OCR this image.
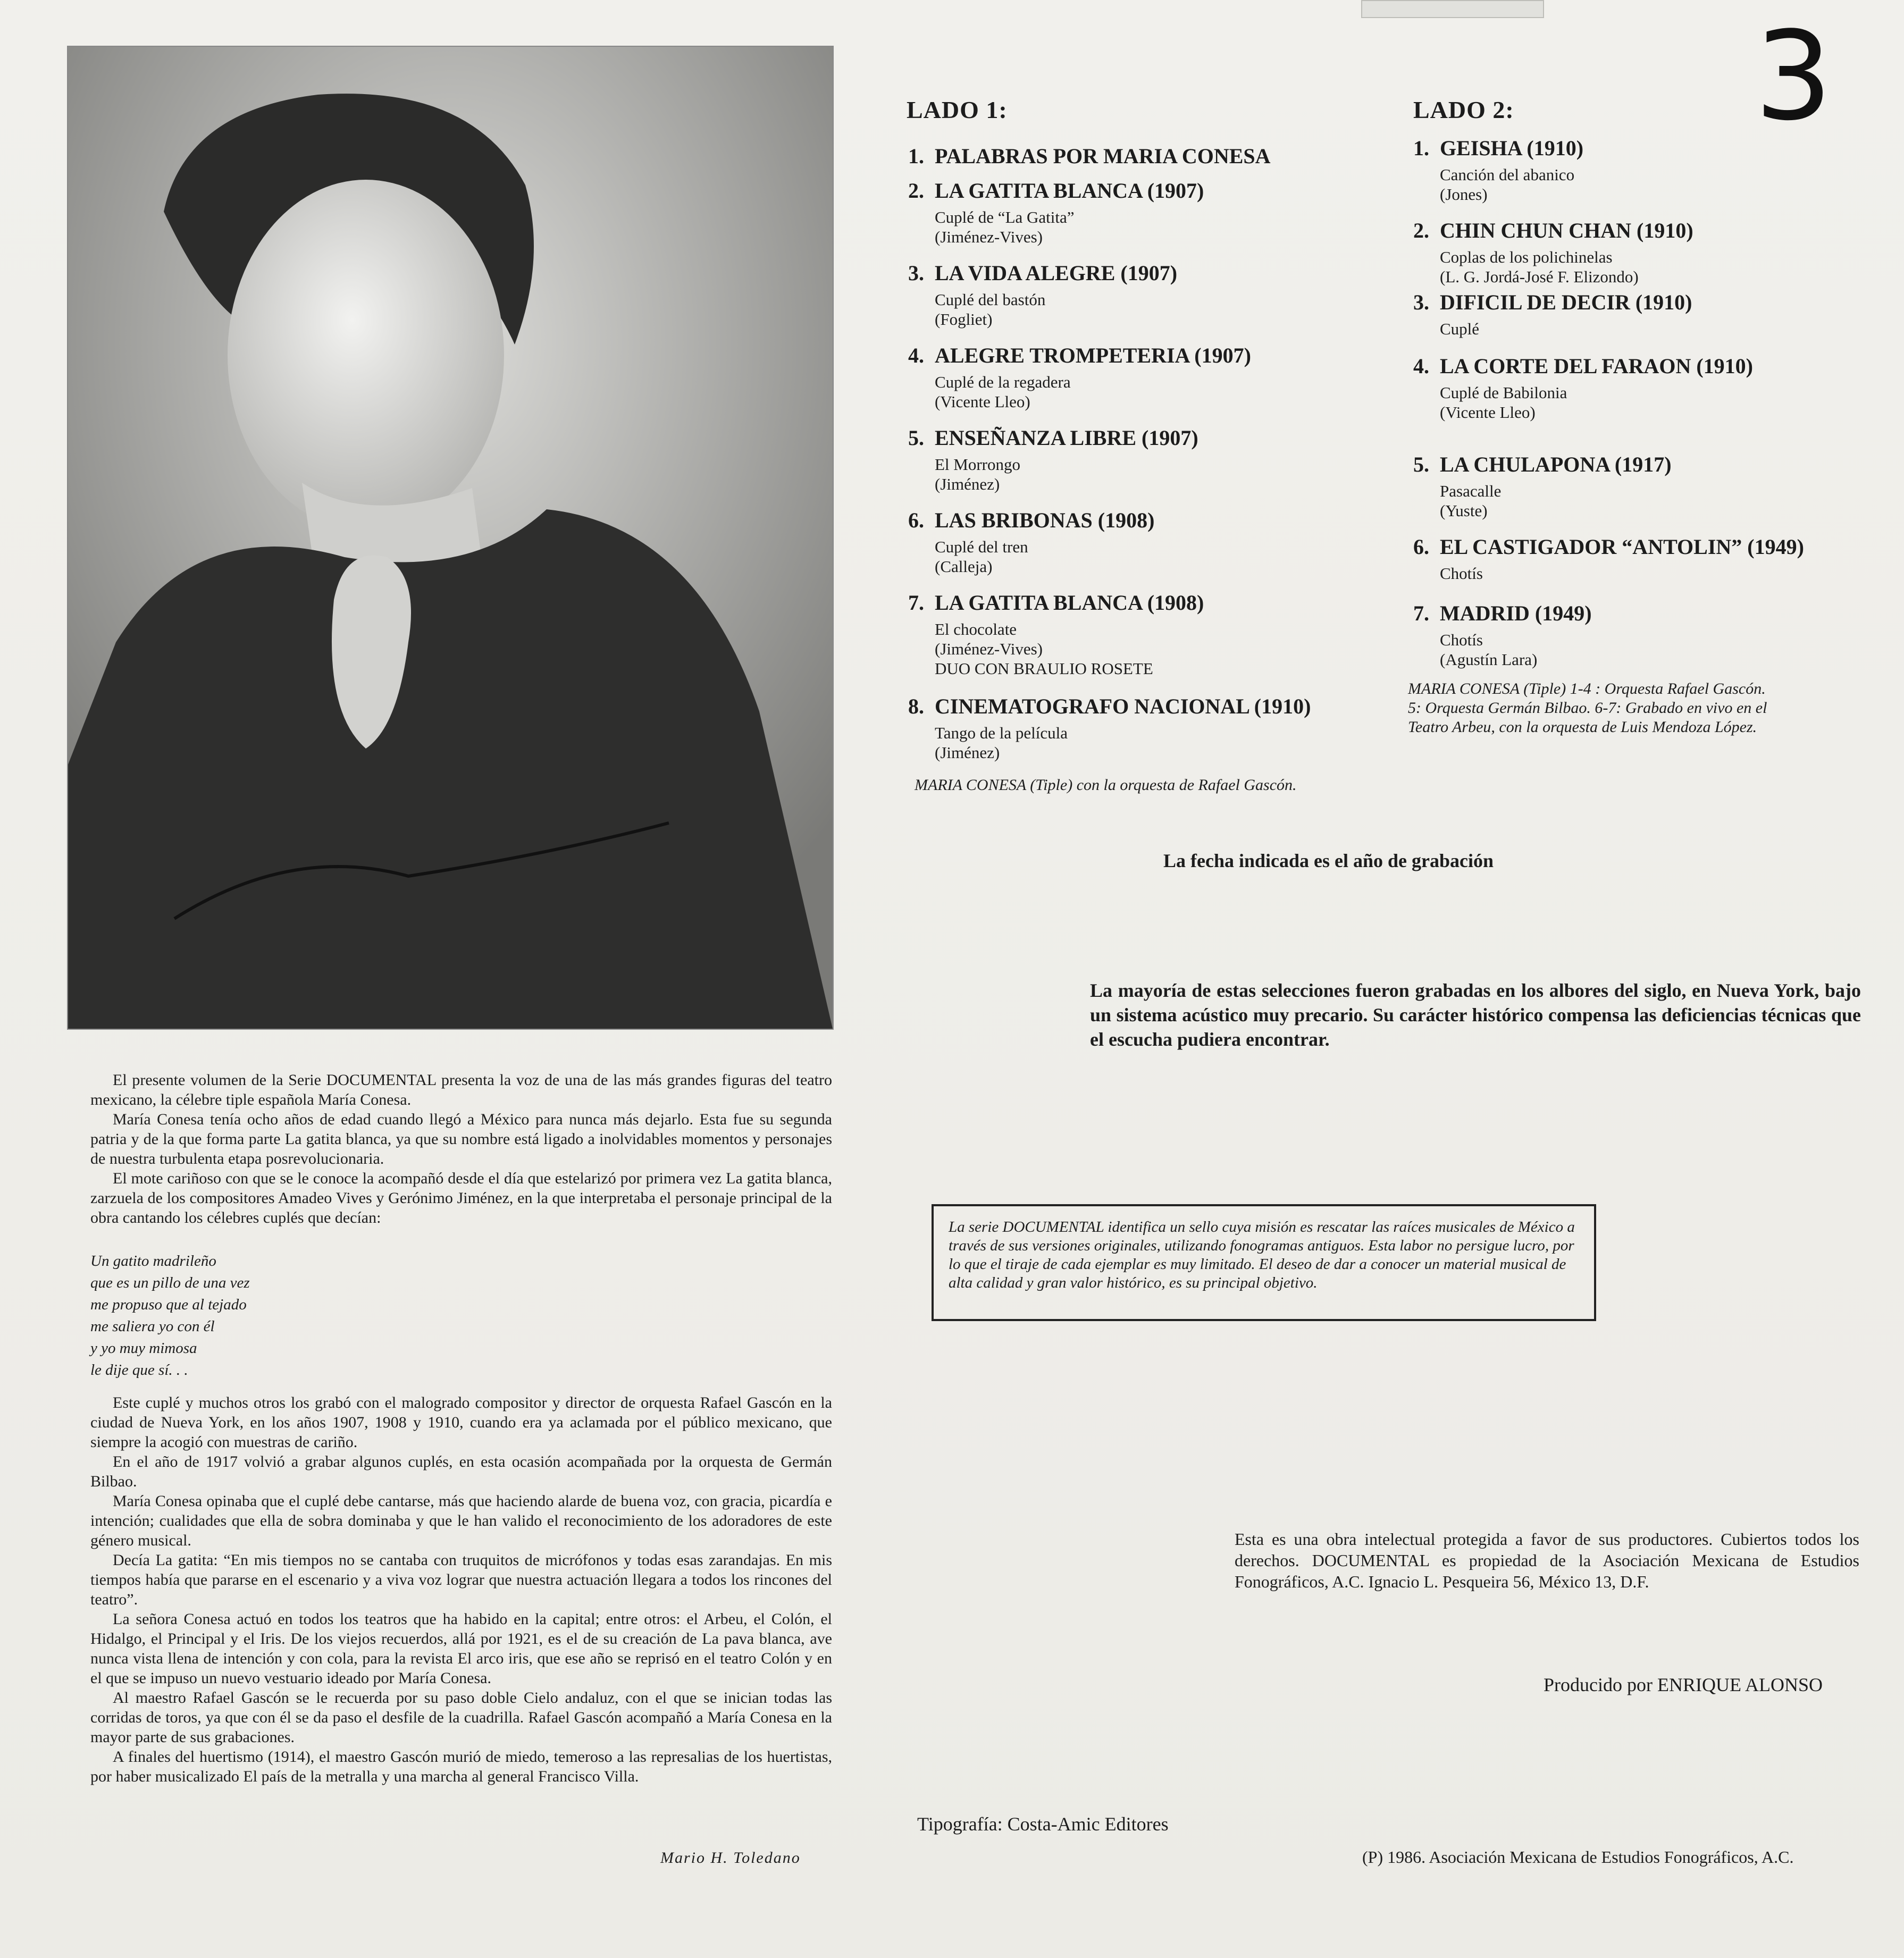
3
LADO 1:
1. PALABRAS POR MARIA CONESA
2. LA GATITA BLANCA (1907)
Cuplé de “La Gatita”
(Jiménez-Vives)
3. LA VIDA ALEGRE (1907)
Cuplé del bastón
(Fogliet)
4. ALEGRE TROMPETERIA (1907)
Cuplé de la regadera
(Vicente Lleo)
5. ENSEÑANZA LIBRE (1907)
El Morrongo
(Jiménez)
6. LAS BRIBONAS (1908)
Cuplé del tren
(Calleja)
7. LA GATITA BLANCA (1908)
El chocolate
(Jiménez-Vives)
DUO CON BRAULIO ROSETE
8. CINEMATOGRAFO NACIONAL (1910)
Tango de la película
(Jiménez)
MARIA CONESA (Tiple) con la orquesta de Rafael Gascón.
LADO 2:
1. GEISHA (1910)
Canción del abanico
(Jones)
2. CHIN CHUN CHAN (1910)
Coplas de los polichinelas
(L. G. Jordá-José F. Elizondo)
3. DIFICIL DE DECIR (1910)
Cuplé
4. LA CORTE DEL FARAON (1910)
Cuplé de Babilonia
(Vicente Lleo)
5. LA CHULAPONA (1917)
Pasacalle
(Yuste)
6. EL CASTIGADOR “ANTOLIN” (1949)
Chotís
7. MADRID (1949)
Chotís
(Agustín Lara)
MARIA CONESA (Tiple) 1-4 : Orquesta Rafael Gascón.
5: Orquesta Germán Bilbao. 6-7: Grabado en vivo en el
Teatro Arbeu, con la orquesta de Luis Mendoza López.
La fecha indicada es el año de grabación
La mayoría de estas selecciones fueron grabadas en los albores del siglo, en Nueva York, bajo un sistema acústico muy precario. Su carácter histórico compensa las deficiencias técnicas que el escucha pudiera encontrar.
La serie DOCUMENTAL identifica un sello cuya misión es rescatar las raíces musicales de México a través de sus versiones originales, utilizando fonogramas antiguos. Esta labor no persigue lucro, por lo que el tiraje de cada ejemplar es muy limitado. El deseo de dar a conocer un material musical de alta calidad y gran valor histórico, es su principal objetivo.
Esta es una obra intelectual protegida a favor de sus productores. Cubiertos todos los derechos. DOCUMENTAL es propiedad de la Asociación Mexicana de Estudios Fonográficos, A.C. Ignacio L. Pesqueira 56, México 13, D.F.
Producido por ENRIQUE ALONSO
Tipografía: Costa-Amic Editores
(P) 1986. Asociación Mexicana de Estudios Fonográficos, A.C.

El presente volumen de la Serie DOCUMENTAL presenta la voz de una de las más grandes figuras del teatro mexicano, la célebre tiple española María Conesa.

María Conesa tenía ocho años de edad cuando llegó a México para nunca más dejarlo. Esta fue su segunda patria y de la que forma parte La gatita blanca, ya que su nombre está ligado a inolvidables momentos y personajes de nuestra turbulenta etapa posrevolucionaria.

El mote cariñoso con que se le conoce la acompañó desde el día que estelarizó por primera vez La gatita blanca, zarzuela de los compositores Amadeo Vives y Gerónimo Jiménez, en la que interpretaba el personaje principal de la obra cantando los célebres cuplés que decían:

Un gatito madrileño
que es un pillo de una vez
me propuso que al tejado
me saliera yo con él
y yo muy mimosa
le dije que sí. . .

Este cuplé y muchos otros los grabó con el malogrado compositor y director de orquesta Rafael Gascón en la ciudad de Nueva York, en los años 1907, 1908 y 1910, cuando era ya aclamada por el público mexicano, que siempre la acogió con muestras de cariño.

En el año de 1917 volvió a grabar algunos cuplés, en esta ocasión acompañada por la orquesta de Germán Bilbao.

María Conesa opinaba que el cuplé debe cantarse, más que haciendo alarde de buena voz, con gracia, picardía e intención; cualidades que ella de sobra dominaba y que le han valido el reconocimiento de los adoradores de este género musical.

Decía La gatita: “En mis tiempos no se cantaba con truquitos de micrófonos y todas esas zarandajas. En mis tiempos había que pararse en el escenario y a viva voz lograr que nuestra actuación llegara a todos los rincones del teatro”.

La señora Conesa actuó en todos los teatros que ha habido en la capital; entre otros: el Arbeu, el Colón, el Hidalgo, el Principal y el Iris. De los viejos recuerdos, allá por 1921, es el de su creación de La pava blanca, ave nunca vista llena de intención y con cola, para la revista El arco iris, que ese año se reprisó en el teatro Colón y en el que se impuso un nuevo vestuario ideado por María Conesa.

Al maestro Rafael Gascón se le recuerda por su paso doble Cielo andaluz, con el que se inician todas las corridas de toros, ya que con él se da paso el desfile de la cuadrilla. Rafael Gascón acompañó a María Conesa en la mayor parte de sus grabaciones.

A finales del huertismo (1914), el maestro Gascón murió de miedo, temeroso a las represalias de los huertistas, por haber musicalizado El país de la metralla y una marcha al general Francisco Villa.

Mario H. Toledano
